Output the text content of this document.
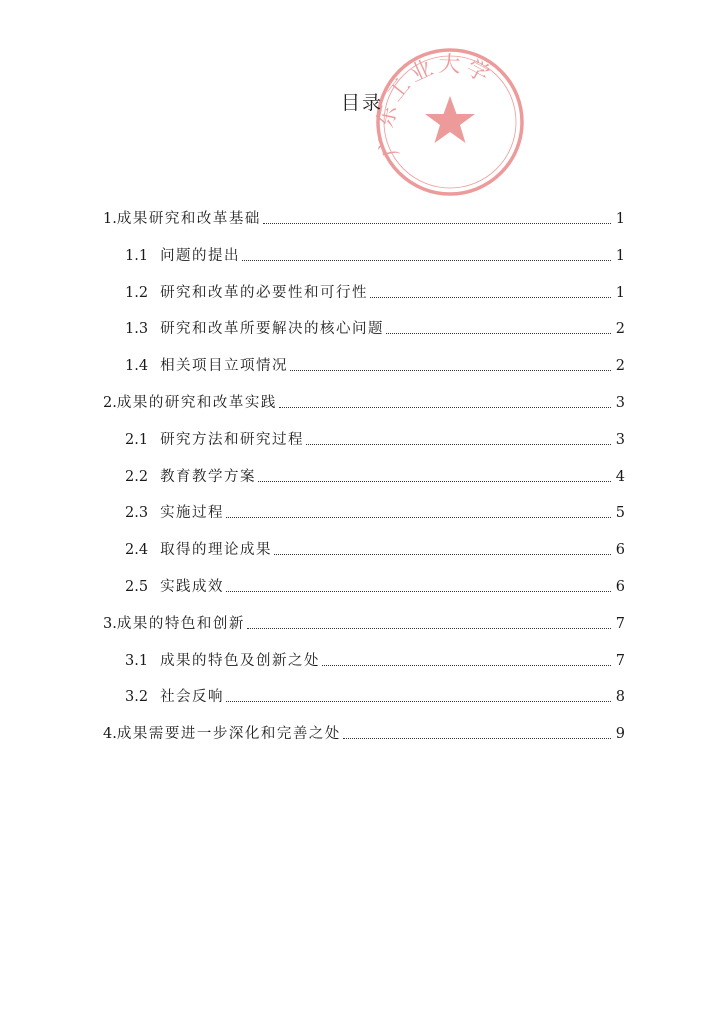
广东工业大学
目录
1. 成果研究和改革基础	1
1.1 问题的提出	1
1.2 研究和改革的必要性和可行性	1
1.3 研究和改革所要解决的核心问题	2
1.4 相关项目立项情况	2
2. 成果的研究和改革实践	3
2.1 研究方法和研究过程	3
2.2 教育教学方案	4
2.3 实施过程	5
2.4 取得的理论成果	6
2.5 实践成效	6
3. 成果的特色和创新	7
3.1 成果的特色及创新之处	7
3.2 社会反响	8
4. 成果需要进一步深化和完善之处	9
